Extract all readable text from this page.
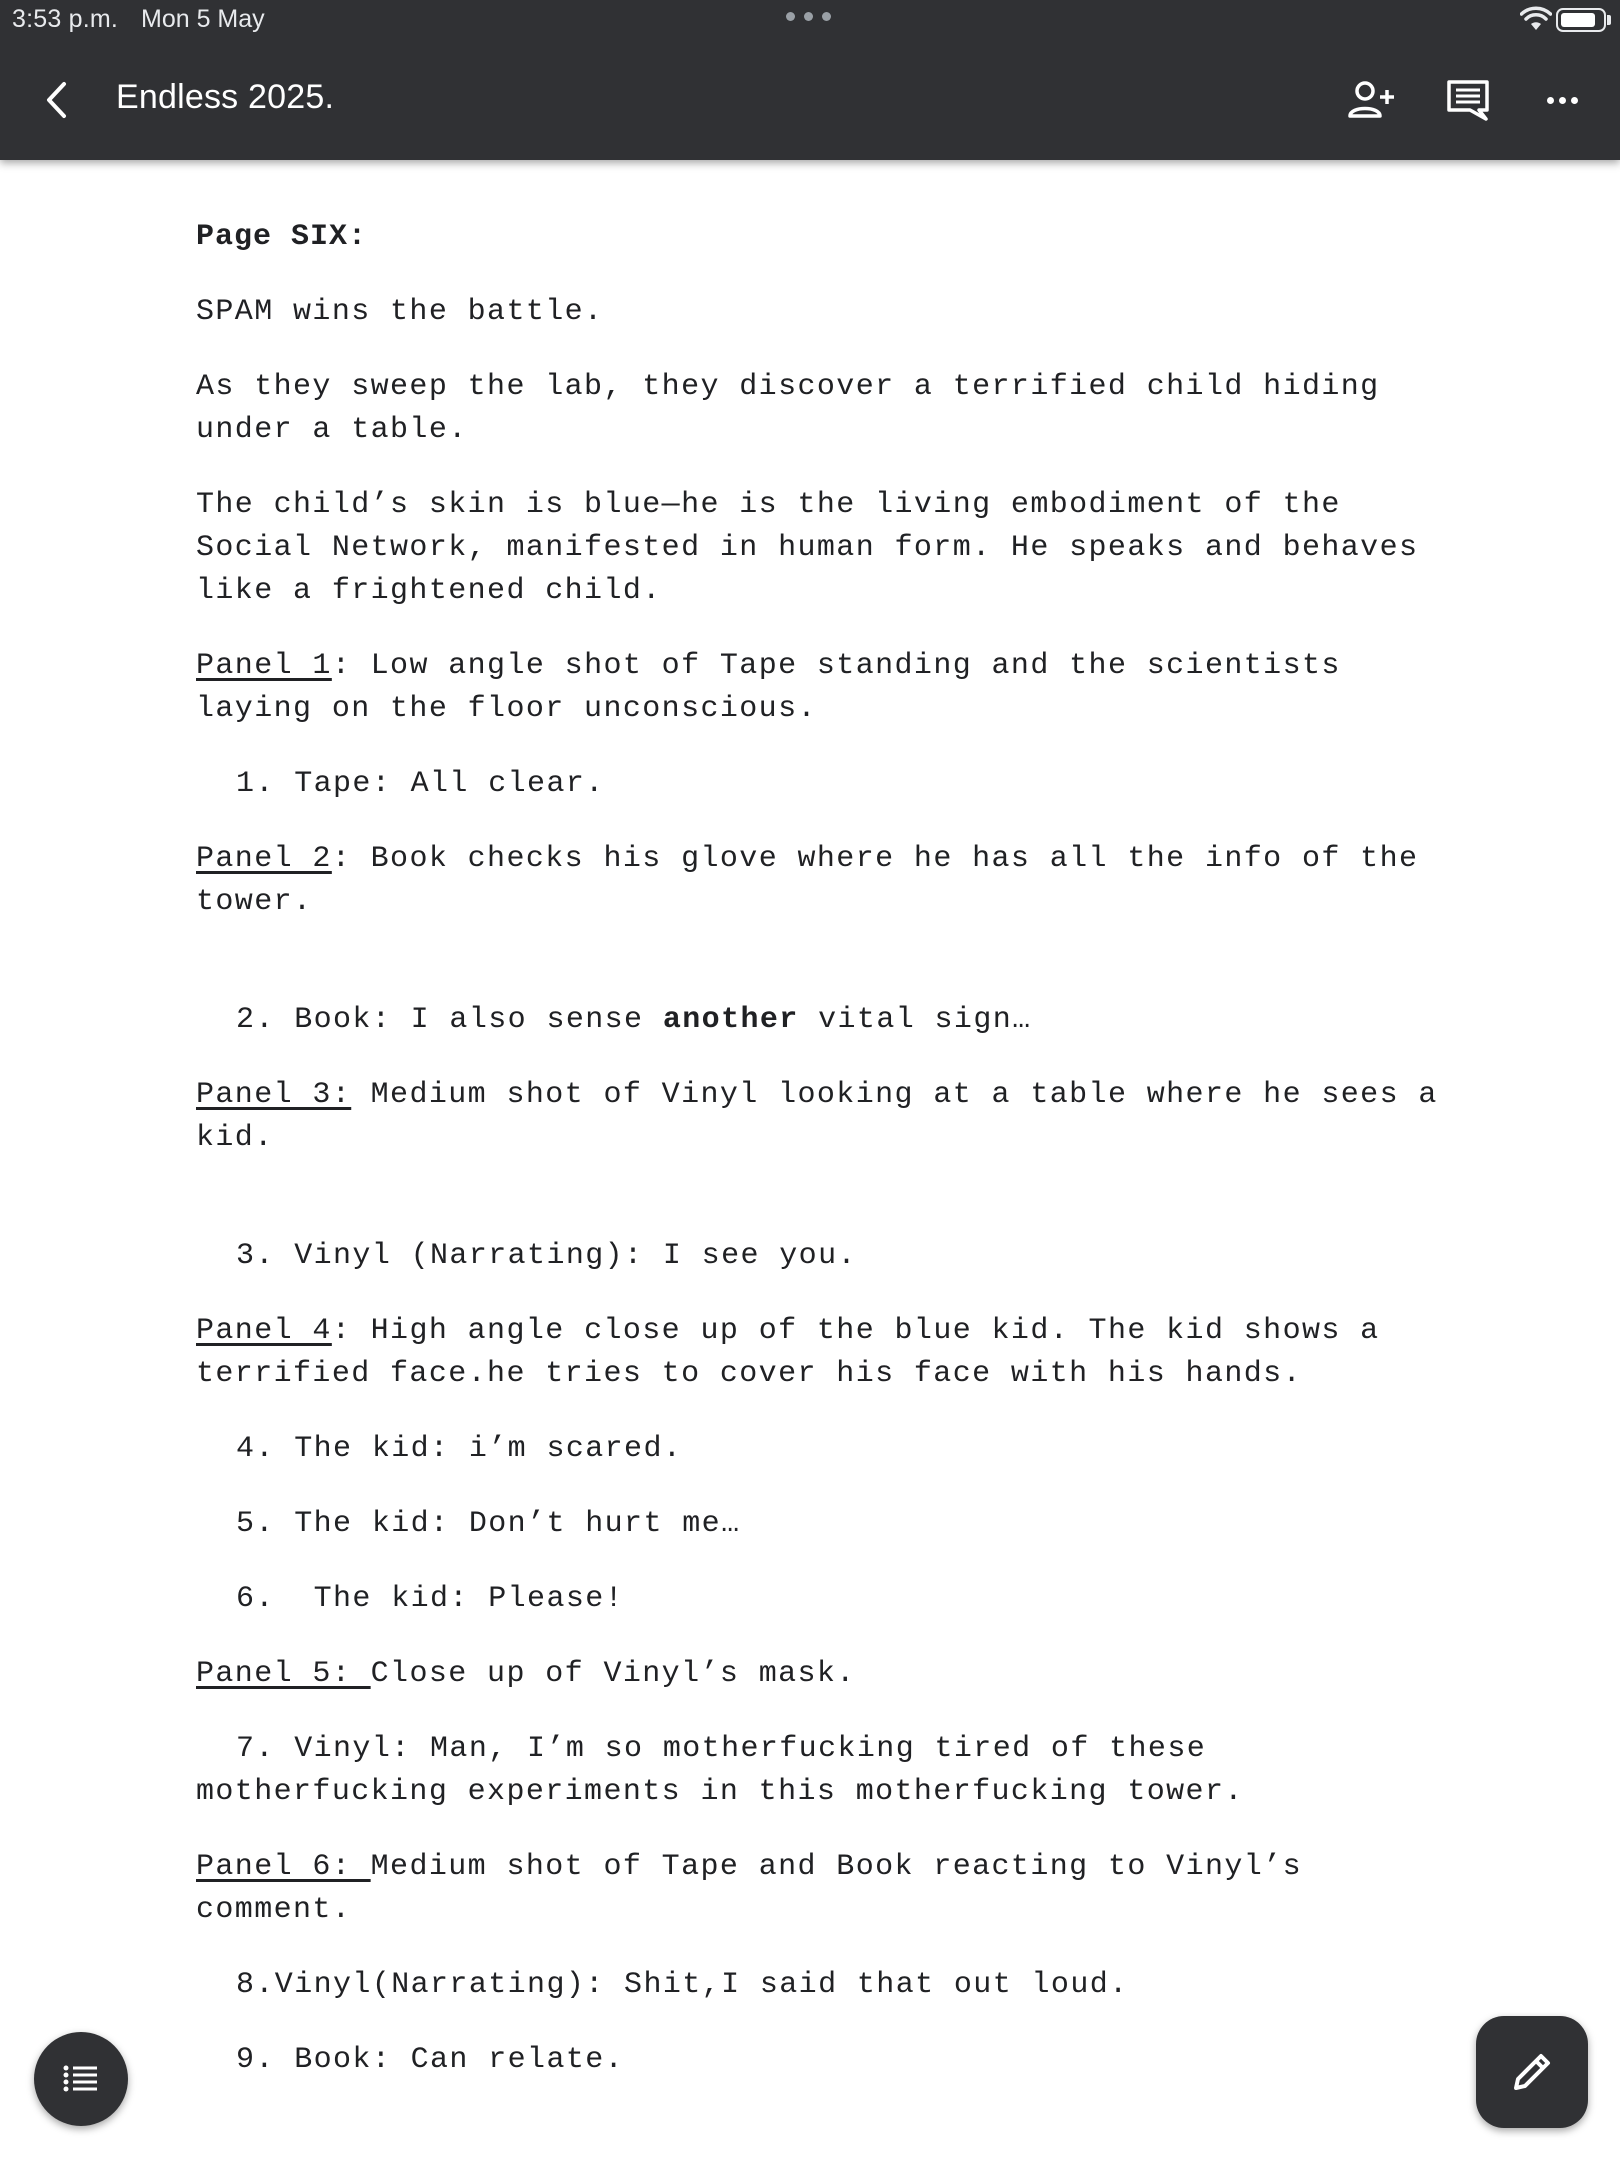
3:53 p.m. Mon 5 May
Endless 2025.

Page SIX:

SPAM wins the battle.

As they sweep the lab, they discover a terrified child hiding under a table.

The child’s skin is blue—he is the living embodiment of the Social Network, manifested in human form. He speaks and behaves like a frightened child.

Panel 1: Low angle shot of Tape standing and the scientists laying on the floor unconscious.

1. Tape: All clear.

Panel 2: Book checks his glove where he has all the info of the tower.

2. Book: I also sense another vital sign…

Panel 3: Medium shot of Vinyl looking at a table where he sees a kid.

3. Vinyl (Narrating): I see you.

Panel 4: High angle close up of the blue kid. The kid shows a terrified face.he tries to cover his face with his hands.

4. The kid: i’m scared.

5. The kid: Don’t hurt me…

6.  The kid: Please!

Panel 5: Close up of Vinyl’s mask.

7. Vinyl: Man, I’m so motherfucking tired of these
motherfucking experiments in this motherfucking tower.

Panel 6: Medium shot of Tape and Book reacting to Vinyl’s comment.

8.Vinyl(Narrating): Shit,I said that out loud.

9. Book: Can relate.
